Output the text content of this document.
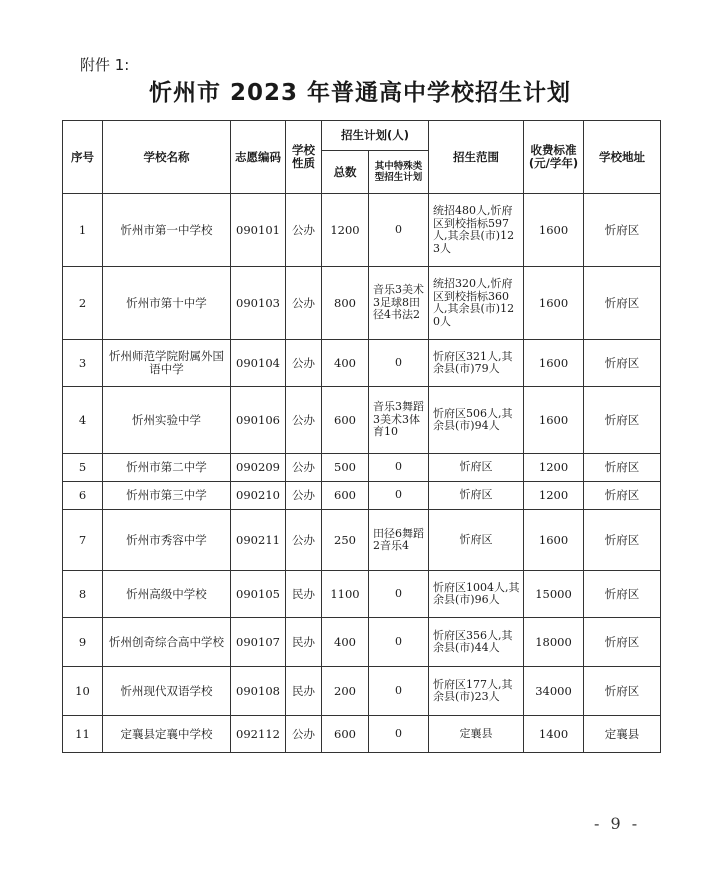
附件 1:
忻州市 2023 年普通高中学校招生计划
序号	学校名称	志愿编码	学校性质	招生计划(人)		招生范围	收费标准(元/学年)	学校地址
				总数	其中特殊类型招生计划			
1	忻州市第一中学校	090101	公办	1200	0	统招480人,忻府区到校指标597人,其余县(市)123人	1600	忻府区
2	忻州市第十中学	090103	公办	800	音乐3美术3足球8田径4书法2	统招320人,忻府区到校指标360人,其余县(市)120人	1600	忻府区
3	忻州师范学院附属外国语中学	090104	公办	400	0	忻府区321人,其余县(市)79人	1600	忻府区
4	忻州实验中学	090106	公办	600	音乐3舞蹈3美术3体育10	忻府区506人,其余县(市)94人	1600	忻府区
5	忻州市第二中学	090209	公办	500	0	忻府区	1200	忻府区
6	忻州市第三中学	090210	公办	600	0	忻府区	1200	忻府区
7	忻州市秀容中学	090211	公办	250	田径6舞蹈2音乐4	忻府区	1600	忻府区
8	忻州高级中学校	090105	民办	1100	0	忻府区1004人,其余县(市)96人	15000	忻府区
9	忻州创奇综合高中学校	090107	民办	400	0	忻府区356人,其余县(市)44人	18000	忻府区
10	忻州现代双语学校	090108	民办	200	0	忻府区177人,其余县(市)23人	34000	忻府区
11	定襄县定襄中学校	092112	公办	600	0	定襄县	1400	定襄县
- 9 -
